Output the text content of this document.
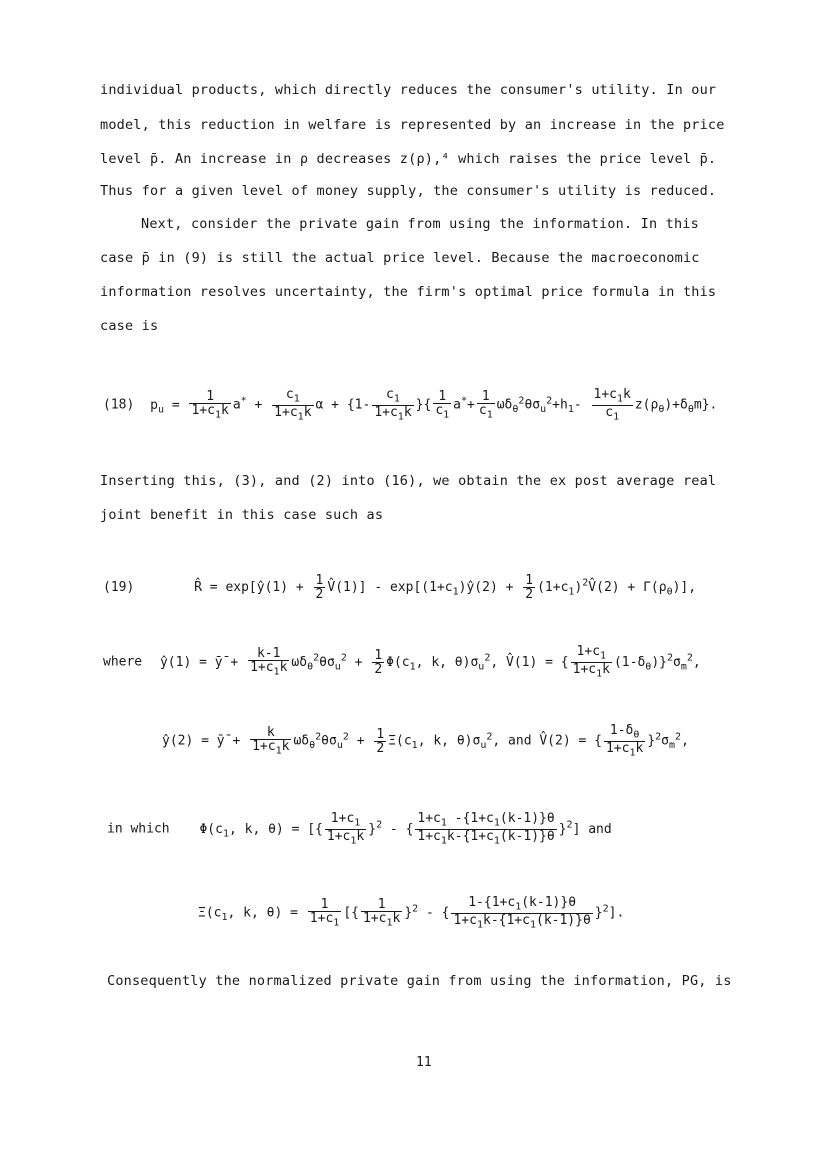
individual products, which directly reduces the consumer's utility. In our
model, this reduction in welfare is represented by an increase in the price
level p̄. An increase in ρ decreases z(ρ),⁴ which raises the price level p̄.
Thus for a given level of money supply, the consumer's utility is reduced.
Next, consider the private gain from using the information. In this
case p̄ in (9) is still the actual price level. Because the macroeconomic
information resolves uncertainty, the firm's optimal price formula in this
case is
(18) $p_u = \frac{1}{1+c_1k} a^* + \frac{c_1}{1+c_1k}$ $\alpha + \{1- \frac{c_1}{1+c_1k}$ }{ $\frac{1}{c_1} a^*+ \frac{1}{c_1} \omega\delta_\theta^2\theta\sigma_u^2+h_1- \frac{1+c_1k}{c_1} z(\rho_\theta)+\delta_\theta m$}.
Inserting this, (3), and (2) into (16), we obtain the ex post average real
joint benefit in this case such as
(19)	R̂ = exp[ŷ(1) + $\frac{1}{2}$ V̂(1)] - $\exp[(1+c_1)ŷ(2) + \frac{1}{2}$ $(1+c_1)^2V̂(2) + \Gamma(\rho_\theta)$],
where ŷ(1) = ȳ̄ + $\frac{k-1}{1+c_1k} \omega\delta_\theta^2\theta\sigma_u^2 + \frac{1}{2} \Phi(c_1$, k, $\theta)\sigma_u^2$, V̂(1) = { $\frac{1+c_1}{1+c_1k} (1-\delta_\theta)\}^2\sigma_m^2$,
ŷ(2) = ȳ̄ + $\frac{k}{1+c_1k} \omega\delta_\theta^2\theta\sigma_u^2 + \frac{1}{2} \Xi(c_1$, k, $\theta)\sigma_u^2$, and V̂(2) = { $\frac{1-\delta_\theta}{1+c_1k} \}^2\sigma_m^2$,
in which $\Phi(c_1$, k, θ) = [{ $\frac{1+c_1}{1+c_1k} \}^2$ - { $\frac{1+c_1 -\{1+c_1(k-1)\}\theta}{1+c_1k-\{1+c_1(k-1)\}\theta} \}^2$] and
$\Xi(c_1$, k, $\theta) = \frac{1}{1+c_1}$ [{ $\frac{1}{1+c_1k} \}^2$ - { $\frac{1-\{1+c_1(k-1)\}\theta}{1+c_1k-\{1+c_1(k-1)\}\theta} \}^2$].
Consequently the normalized private gain from using the information, PG, is
11
